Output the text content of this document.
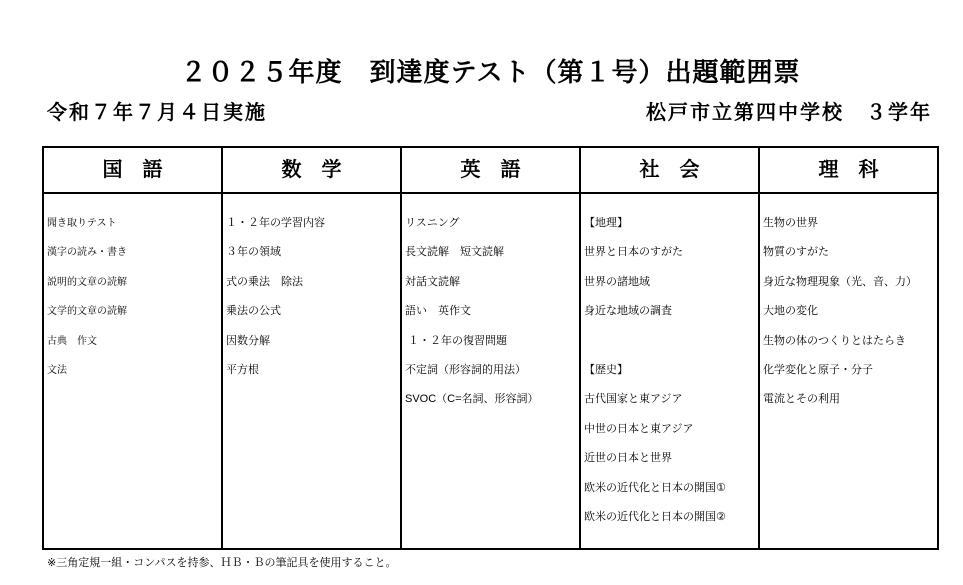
２０２５年度　到達度テスト（第１号）出題範囲票
令和７年７月４日実施	松戸市立第四中学校　３学年
国　語
聞き取りテスト
漢字の読み・書き
説明的文章の読解
文学的文章の読解
古典　作文
文法
数　学
１・２年の学習内容
３年の領域
式の乗法　除法
乗法の公式
因数分解
平方根
英　語
リスニング
長文読解　短文読解
対話文読解
語い　英作文
１・２年の復習問題
不定詞（形容詞的用法）
SVOC（C=名詞、形容詞）
社　会
【地理】
世界と日本のすがた
世界の諸地域
身近な地域の調査
【歴史】
古代国家と東アジア
中世の日本と東アジア
近世の日本と世界
欧米の近代化と日本の開国①
欧米の近代化と日本の開国②
理　科
生物の世界
物質のすがた
身近な物理現象（光、音、力）
大地の変化
生物の体のつくりとはたらき
化学変化と原子・分子
電流とその利用
※三角定規一組・コンパスを持参、ＨＢ・Ｂの筆記具を使用すること。
